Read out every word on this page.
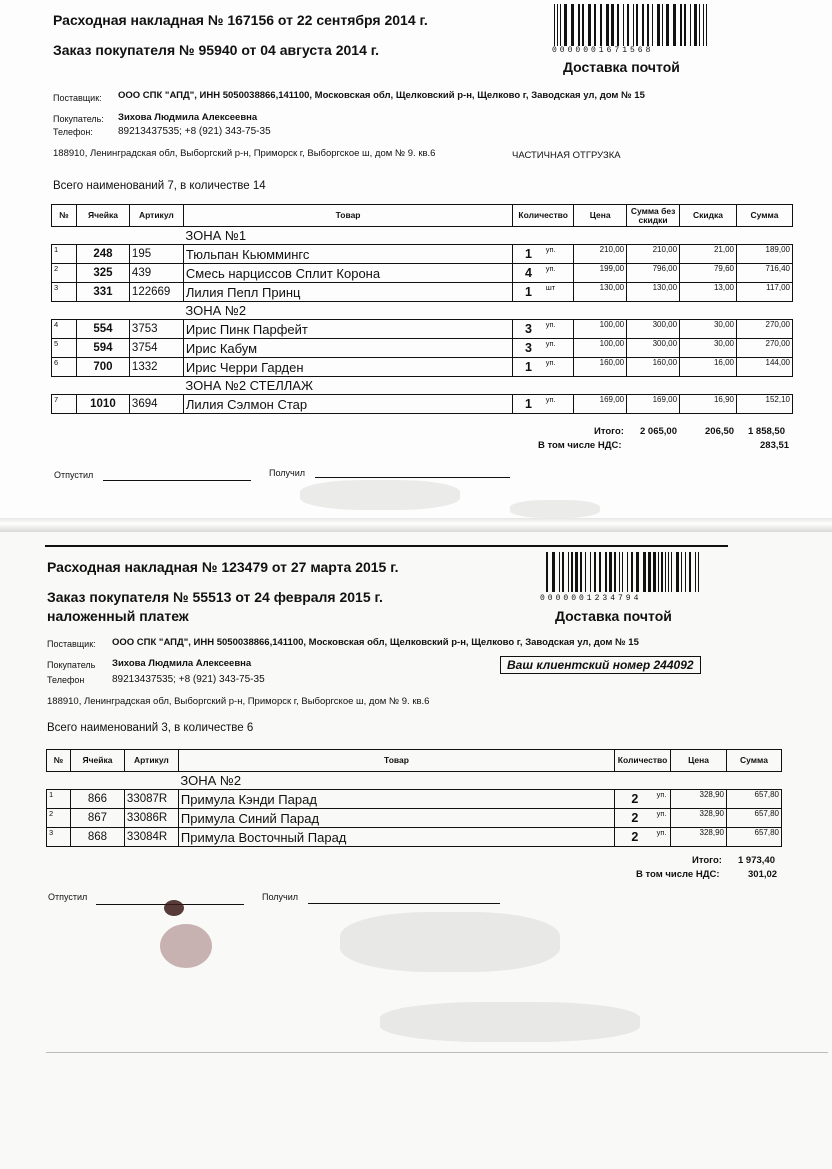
Расходная накладная № 167156 от 22 сентября 2014 г.
Заказ покупателя № 95940 от 04 августа 2014 г.	0000001671568
Доставка почтой
Поставщик: ООО СПК "АПД", ИНН 5050038866,141100, Московская обл, Щелковский р-н, Щелково г, Заводская ул, дом № 15
Покупатель: Зихова Людмила Алексеевна
Телефон:	89213437535; +8 (921) 343-75-35
188910, Ленинградская обл, Выборгский р-н, Приморск г, Выборгское ш, дом № 9. кв.6	ЧАСТИЧНАЯ ОТГРУЗКА
Всего наименований 7, в количестве 14
№	Ячейка	Артикул	Товар	Количество		Цена	Сумма без скидки	Скидка	Сумма
			ЗОНА №1						
1	248	195	Тюльпан Кьюммингс	1	уп.	210,00	210,00	21,00	189,00
2	325	439	Смесь нарциссов Сплит Корона	4	уп.	199,00	796,00	79,60	716,40
3	331	122669	Лилия Пепл Принц	1	шт	130,00	130,00	13,00	117,00
			ЗОНА №2						
4	554	3753	Ирис Пинк Парфейт	3	уп.	100,00	300,00	30,00	270,00
5	594	3754	Ирис Кабум	3	уп.	100,00	300,00	30,00	270,00
6	700	1332	Ирис Черри Гарден	1	уп.	160,00	160,00	16,00	144,00
			ЗОНА №2 СТЕЛЛАЖ						
7	1010	3694	Лилия Сэлмон Стар	1	уп.	169,00	169,00	16,90	152,10
Итого: 2 065,00	206,50 1 858,50
В том числе НДС:	283,51
Отпустил	Получил
Расходная накладная № 123479 от 27 марта 2015 г.
Заказ покупателя № 55513 от 24 февраля 2015 г.
наложенный платеж
0000001234794
Доставка почтой
Поставщик: ООО СПК "АПД", ИНН 5050038866,141100, Московская обл, Щелковский р-н, Щелково г, Заводская ул, дом № 15
Покупатель Зихова Людмила Алексеевна	Ваш клиентский номер 244092
Телефон	89213437535; +8 (921) 343-75-35
188910, Ленинградская обл, Выборгский р-н, Приморск г, Выборгское ш, дом № 9. кв.6
Всего наименований 3, в количестве 6
№	Ячейка	Артикул	Товар	Количество		Цена	Сумма
			ЗОНА №2				
1	866	33087R	Примула Кэнди Парад	2	уп.	328,90	657,80
2	867	33086R	Примула Синий Парад	2	уп.	328,90	657,80
3	868	33084R	Примула Восточный Парад	2	уп.	328,90	657,80
Итого: 1 973,40
В том числе НДС:	301,02
Отпустил	Получил
